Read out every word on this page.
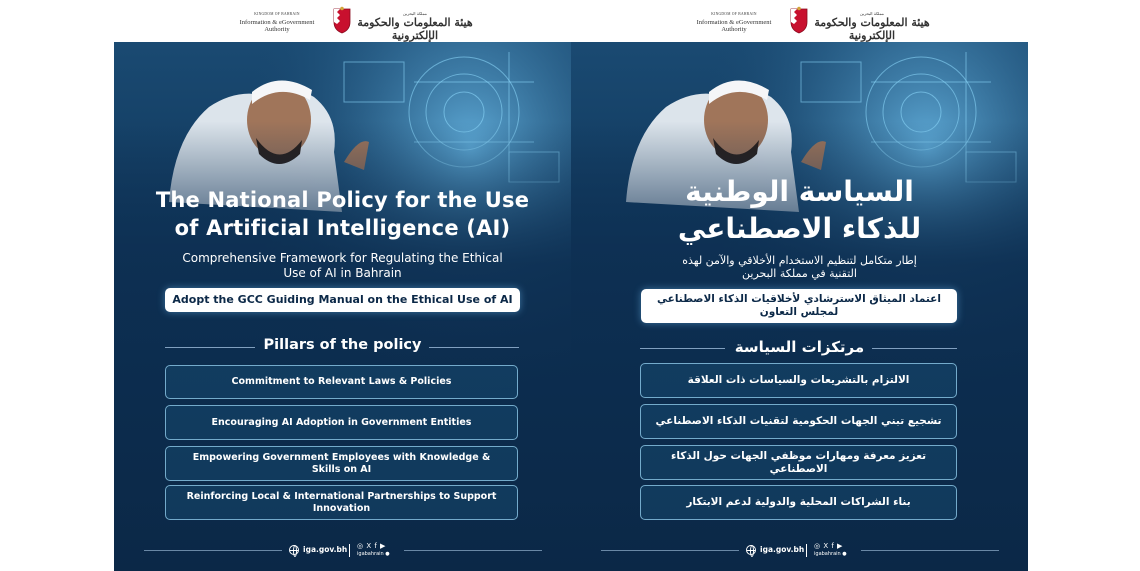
KINGDOM OF BAHRAIN
Information & eGovernment
Authority
مملكة البحرين
هيئة المعلومات والحكومة الإلكترونية
The National Policy for the Use
of Artificial Intelligence (AI)
Comprehensive Framework for Regulating the Ethical
Use of AI in Bahrain
Adopt the GCC Guiding Manual on the Ethical Use of AI
Pillars of the policy
Commitment to Relevant Laws & Policies
Encouraging AI Adoption in Government Entities
Empowering Government Employees with Knowledge & Skills on AI
Reinforcing Local & International Partnerships to Support Innovation
iga.gov.bh ◎ X f ▶
igabahrain ●
KINGDOM OF BAHRAIN
Information & eGovernment
Authority
مملكة البحرين
هيئة المعلومات والحكومة الإلكترونية
السياسة الوطنية
للذكاء الاصطناعي
إطار متكامل لتنظيم الاستخدام الأخلاقي والآمن لهذه
التقنية في مملكة البحرين
اعتماد الميثاق الاسترشادي لأخلاقيات الذكاء الاصطناعي
لمجلس التعاون
مرتكزات السياسة
الالتزام بالتشريعات والسياسات ذات العلاقة
تشجيع تبني الجهات الحكومية لتقنيات الذكاء الاصطناعي
تعزيز معرفة ومهارات موظفي الجهات حول الذكاء الاصطناعي
بناء الشراكات المحلية والدولية لدعم الابتكار
iga.gov.bh ◎ X f ▶
igabahrain ●
